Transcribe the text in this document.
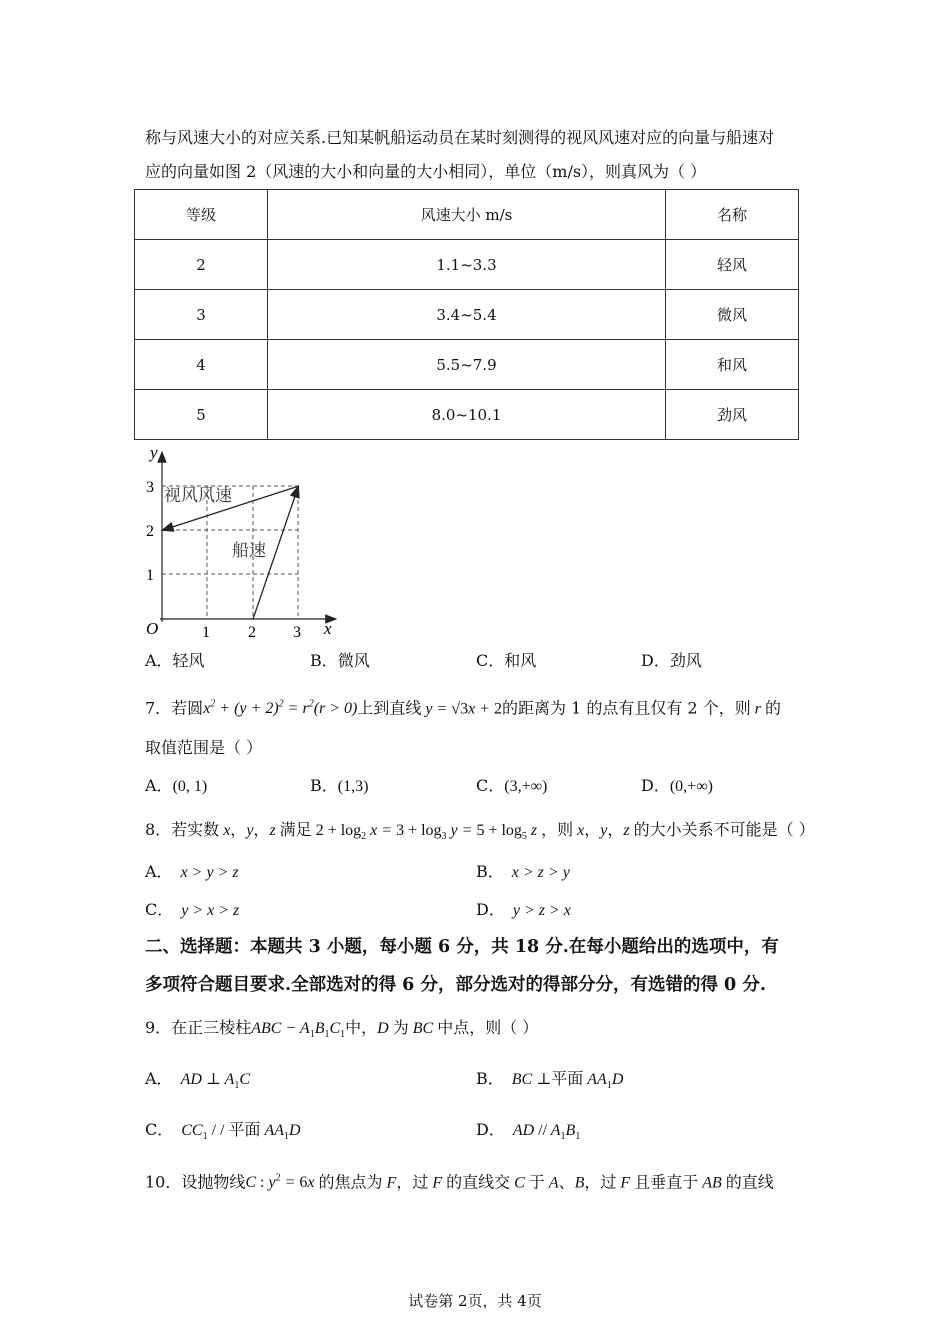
称与风速大小的对应关系.已知某帆船运动员在某时刻测得的视风风速对应的向量与船速对
应的向量如图 2（风速的大小和向量的大小相同），单位（m/s），则真风为（ ）
等级	风速大小 m/s	名称
2	1.1~3.3	轻风
3	3.4~5.4	微风
4	5.5~7.9	和风
5	8.0~10.1	劲风
y
x
O	1 2 3
1
2
3 视风风速
船速
A．轻风	B．微风	C．和风	D．劲风
7．若圆$x^2 + (y + 2)^2 = r^2(r > 0)$上到直线 y = √3x + 2的距离为 1 的点有且仅有 2 个，则 r 的
取值范围是（ ）
A．(0, 1)	B．(1,3)	C．(3,+∞)	D．(0,+∞)
8．若实数 x，y，z 满足 $2 + \log_2 x = 3 + \log_3 y = 5 + \log_5 z$ ，则 x，y，z 的大小关系不可能是（ ）
A． x > y > z	B． x > z > y
C． y > x > z	D． y > z > x
二、选择题：本题共 3 小题，每小题 6 分，共 18 分.在每小题给出的选项中，有
多项符合题目要求.全部选对的得 6 分，部分选对的得部分分，有选错的得 0 分.
9．在正三棱柱ABC − $A_1B_1C_1$中，D 为 BC 中点，则（ ）
A． AD ⊥ $A_1C$	B． BC ⊥平面 $AA_1D$
C． $CC_1$ / / 平面 $AA_1D$	D． AD // $A_1B_1$
10．设抛物线C : $y^2 = 6x$ 的焦点为 F，过 F 的直线交 C 于 A、B，过 F 且垂直于 AB 的直线
试卷第 2页，共 4页
